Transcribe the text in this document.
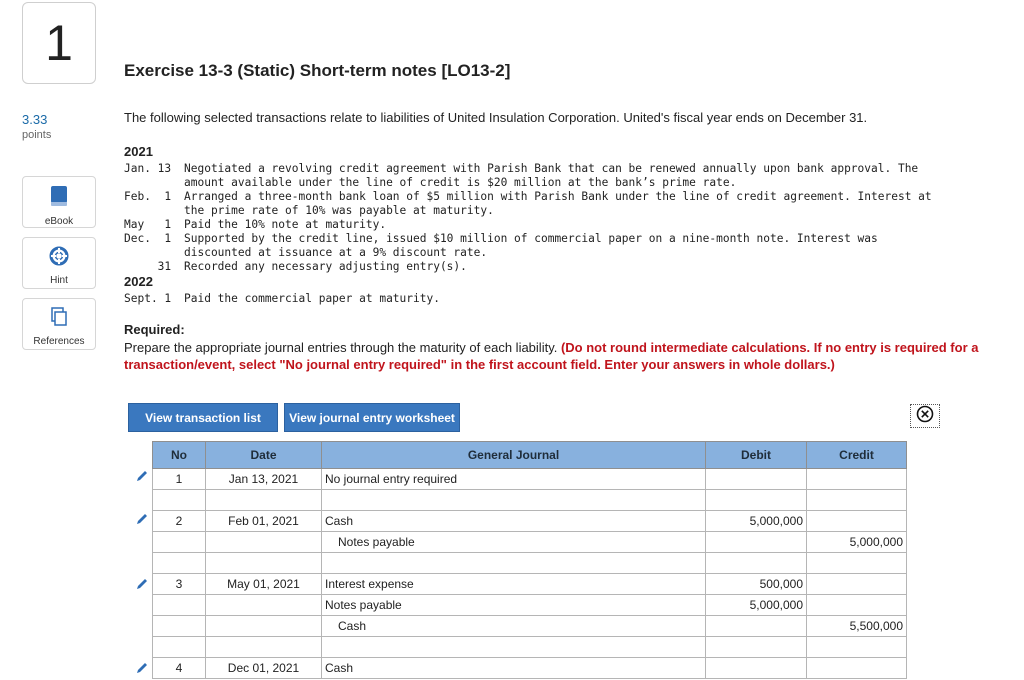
1
3.33
points
eBook
Hint
References
Exercise 13-3 (Static) Short-term notes [LO13-2]
The following selected transactions relate to liabilities of United Insulation Corporation. United's fiscal year ends on December 31.
2021
Jan. 13 Negotiated a revolving credit agreement with Parish Bank that can be renewed annually upon bank approval. The
amount available under the line of credit is $20 million at the bank’s prime rate.
Feb.  1 Arranged a three-month bank loan of $5 million with Parish Bank under the line of credit agreement. Interest at
the prime rate of 10% was payable at maturity.
May   1 Paid the 10% note at maturity.
Dec.  1 Supported by the credit line, issued $10 million of commercial paper on a nine-month note. Interest was
discounted at issuance at a 9% discount rate.
31 Recorded any necessary adjusting entry(s).
2022
Sept. 1 Paid the commercial paper at maturity.
Required:
Prepare the appropriate journal entries through the maturity of each liability. (Do not round intermediate calculations. If no entry is required for a transaction/event, select "No journal entry required" in the first account field. Enter your answers in whole dollars.)
View transaction list	View journal entry worksheet
No	Date	General Journal	Debit	Credit
1	Jan 13, 2021	No journal entry required		

2	Feb 01, 2021	Cash	5,000,000	
		Notes payable		5,000,000

3	May 01, 2021	Interest expense	500,000	
		Notes payable	5,000,000	
		Cash		5,500,000

4	Dec 01, 2021	Cash		
